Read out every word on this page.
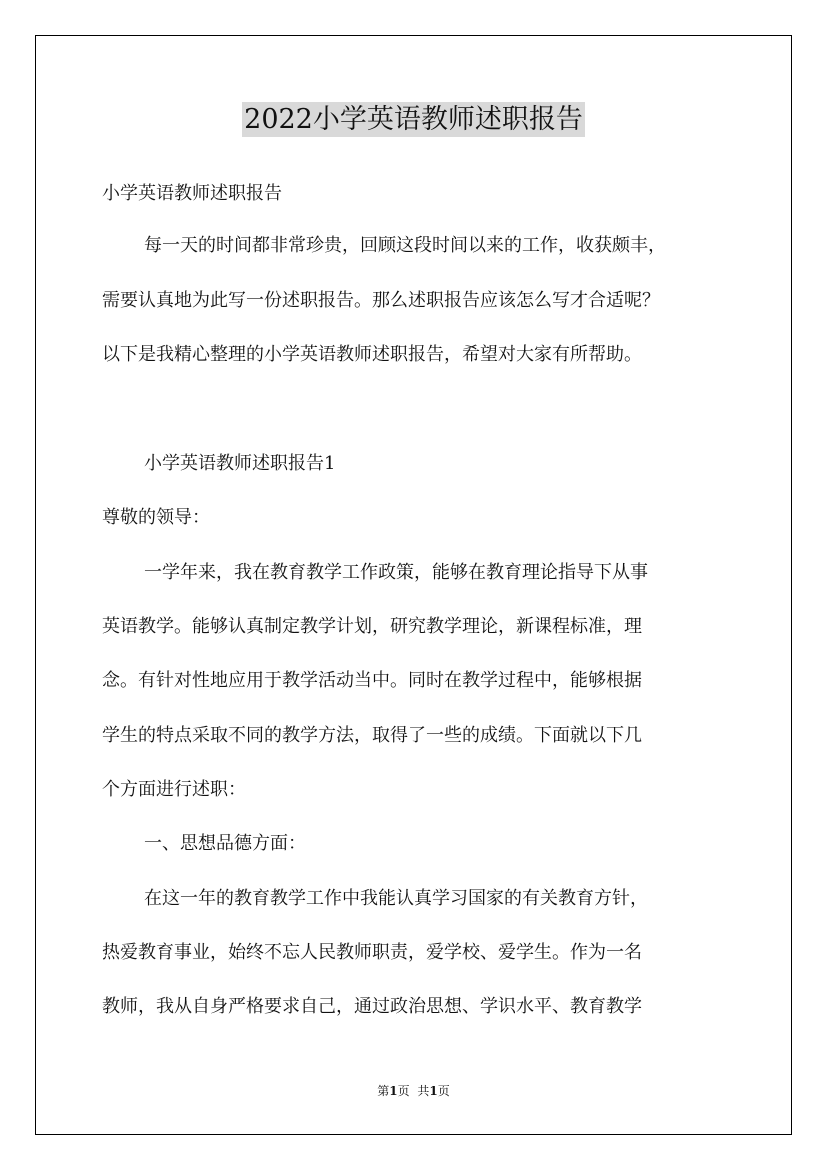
2022小学英语教师述职报告
小学英语教师述职报告
每一天的时间都非常珍贵，回顾这段时间以来的工作，收获颇丰，
需要认真地为此写一份述职报告。那么述职报告应该怎么写才合适呢？
以下是我精心整理的小学英语教师述职报告，希望对大家有所帮助。
小学英语教师述职报告1
尊敬的领导：
一学年来，我在教育教学工作政策，能够在教育理论指导下从事
英语教学。能够认真制定教学计划，研究教学理论，新课程标准，理
念。有针对性地应用于教学活动当中。同时在教学过程中，能够根据
学生的特点采取不同的教学方法，取得了一些的成绩。下面就以下几
个方面进行述职：
一、思想品德方面：
在这一年的教育教学工作中我能认真学习国家的有关教育方针，
热爱教育事业，始终不忘人民教师职责，爱学校、爱学生。作为一名
教师，我从自身严格要求自己，通过政治思想、学识水平、教育教学
第1页 共1页
